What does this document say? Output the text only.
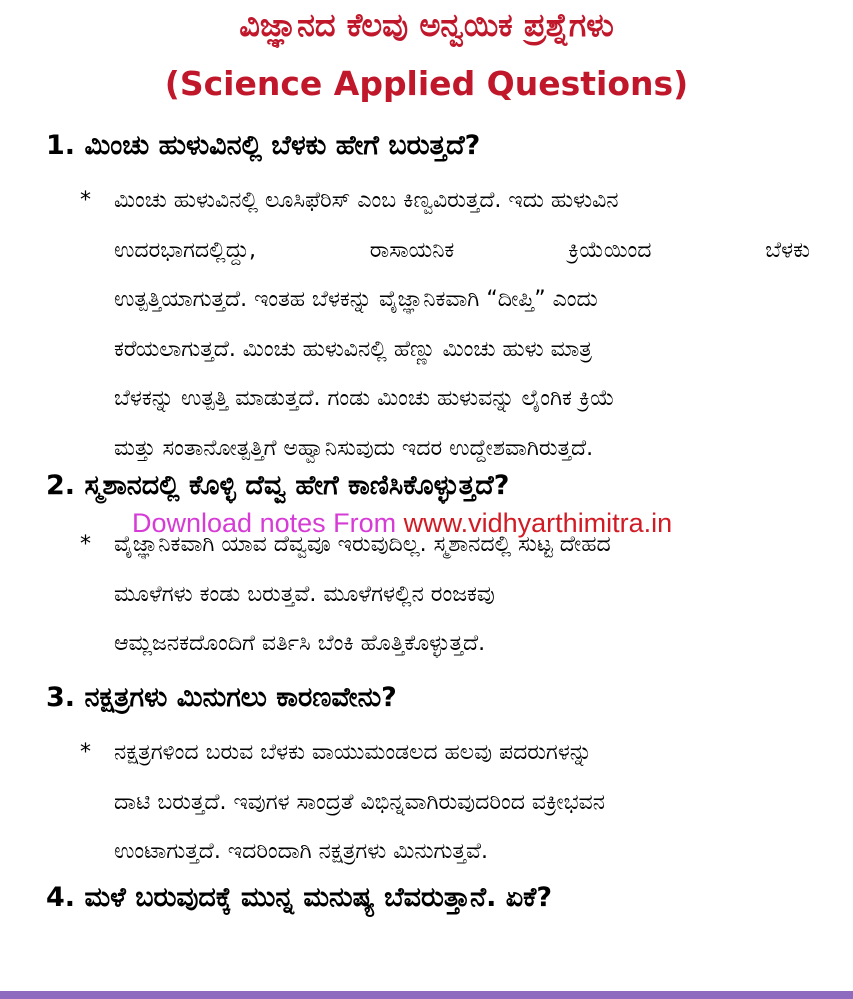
ವಿಜ್ಞಾನದ ಕೆಲವು ಅನ್ವಯಿಕ ಪ್ರಶ್ನೆಗಳು
(Science Applied Questions)
1. ಮಿಂಚು ಹುಳುವಿನಲ್ಲಿ ಬೆಳಕು ಹೇಗೆ ಬರುತ್ತದೆ?
*	ಮಿಂಚು ಹುಳುವಿನಲ್ಲಿ ಲೂಸಿಫೆರಿಸ್ ಎಂಬ ಕಿಣ್ವವಿರುತ್ತದೆ. ಇದು ಹುಳುವಿನ
ಉದರಭಾಗದಲ್ಲಿದ್ದು, ರಾಸಾಯನಿಕ ಕ್ರಿಯೆಯಿಂದ ಬೆಳಕು
ಉತ್ಪತ್ತಿಯಾಗುತ್ತದೆ. ಇಂತಹ ಬೆಳಕನ್ನು ವೈಜ್ಞಾನಿಕವಾಗಿ “ದೀಪ್ತಿ” ಎಂದು
ಕರೆಯಲಾಗುತ್ತದೆ. ಮಿಂಚು ಹುಳುವಿನಲ್ಲಿ ಹೆಣ್ಣು ಮಿಂಚು ಹುಳು ಮಾತ್ರ
ಬೆಳಕನ್ನು ಉತ್ಪತ್ತಿ ಮಾಡುತ್ತದೆ. ಗಂಡು ಮಿಂಚು ಹುಳುವನ್ನು ಲೈಂಗಿಕ ಕ್ರಿಯೆ
ಮತ್ತು ಸಂತಾನೋತ್ಪತ್ತಿಗೆ ಅಹ್ವಾನಿಸುವುದು ಇದರ ಉದ್ದೇಶವಾಗಿರುತ್ತದೆ.
2. ಸ್ಮಶಾನದಲ್ಲಿ ಕೊಳ್ಳಿ ದೆವ್ವ ಹೇಗೆ ಕಾಣಿಸಿಕೊಳ್ಳುತ್ತದೆ?
Download notes From www.vidhyarthimitra.in
*	ವೈಜ್ಞಾನಿಕವಾಗಿ ಯಾವ ದೆವ್ವವೂ ಇರುವುದಿಲ್ಲ. ಸ್ಮಶಾನದಲ್ಲಿ ಸುಟ್ಟ ದೇಹದ
ಮೂಳೆಗಳು ಕಂಡು ಬರುತ್ತವೆ. ಮೂಳೆಗಳಲ್ಲಿನ ರಂಜಕವು
ಆಮ್ಲಜನಕದೊಂದಿಗೆ ವರ್ತಿಸಿ ಬೆಂಕಿ ಹೊತ್ತಿಕೊಳ್ಳುತ್ತದೆ.
3. ನಕ್ಷತ್ರಗಳು ಮಿನುಗಲು ಕಾರಣವೇನು?
*	ನಕ್ಷತ್ರಗಳಿಂದ ಬರುವ ಬೆಳಕು ವಾಯುಮಂಡಲದ ಹಲವು ಪದರುಗಳನ್ನು
ದಾಟಿ ಬರುತ್ತದೆ. ಇವುಗಳ ಸಾಂದ್ರತೆ ವಿಭಿನ್ನವಾಗಿರುವುದರಿಂದ ವಕ್ರೀಭವನ
ಉಂಟಾಗುತ್ತದೆ. ಇದರಿಂದಾಗಿ ನಕ್ಷತ್ರಗಳು ಮಿನುಗುತ್ತವೆ.
4. ಮಳೆ ಬರುವುದಕ್ಕೆ ಮುನ್ನ ಮನುಷ್ಯ ಬೆವರುತ್ತಾನೆ. ಏಕೆ?
